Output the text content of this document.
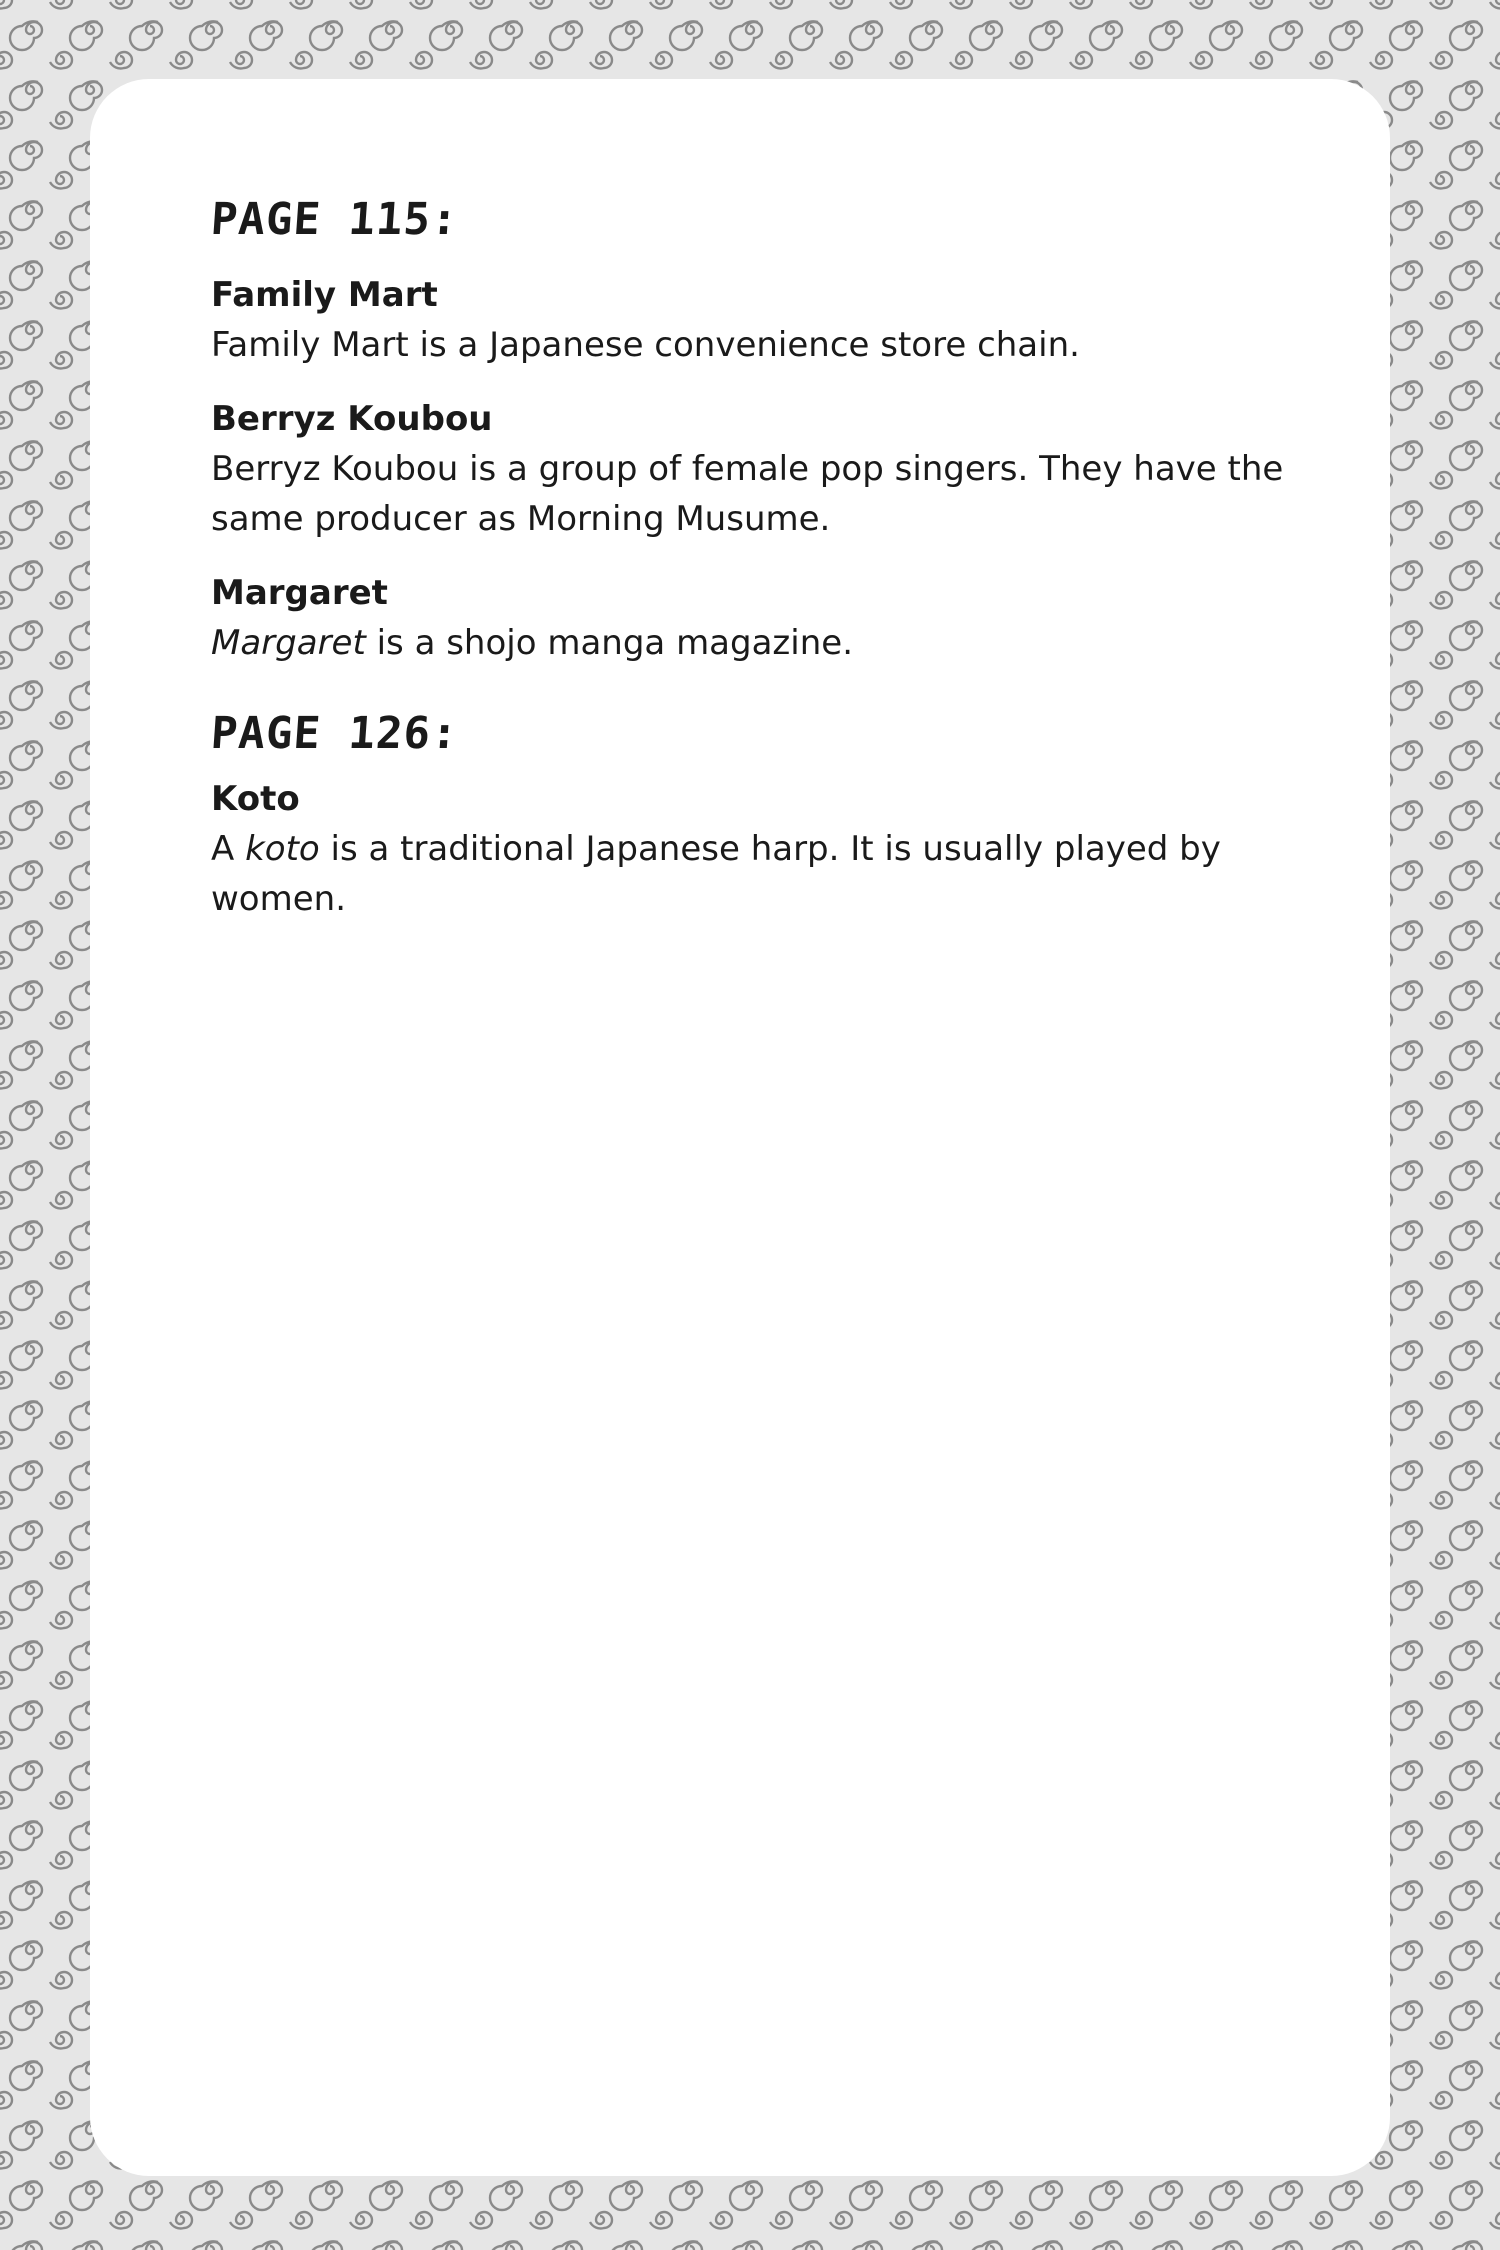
PAGE 115:

Family Mart

Family Mart is a Japanese convenience store chain.

Berryz Koubou

Berryz Koubou is a group of female pop singers. They have the same producer as Morning Musume.

Margaret

Margaret is a shojo manga magazine.

PAGE 126:

Koto

A koto is a traditional Japanese harp. It is usually played by women.
